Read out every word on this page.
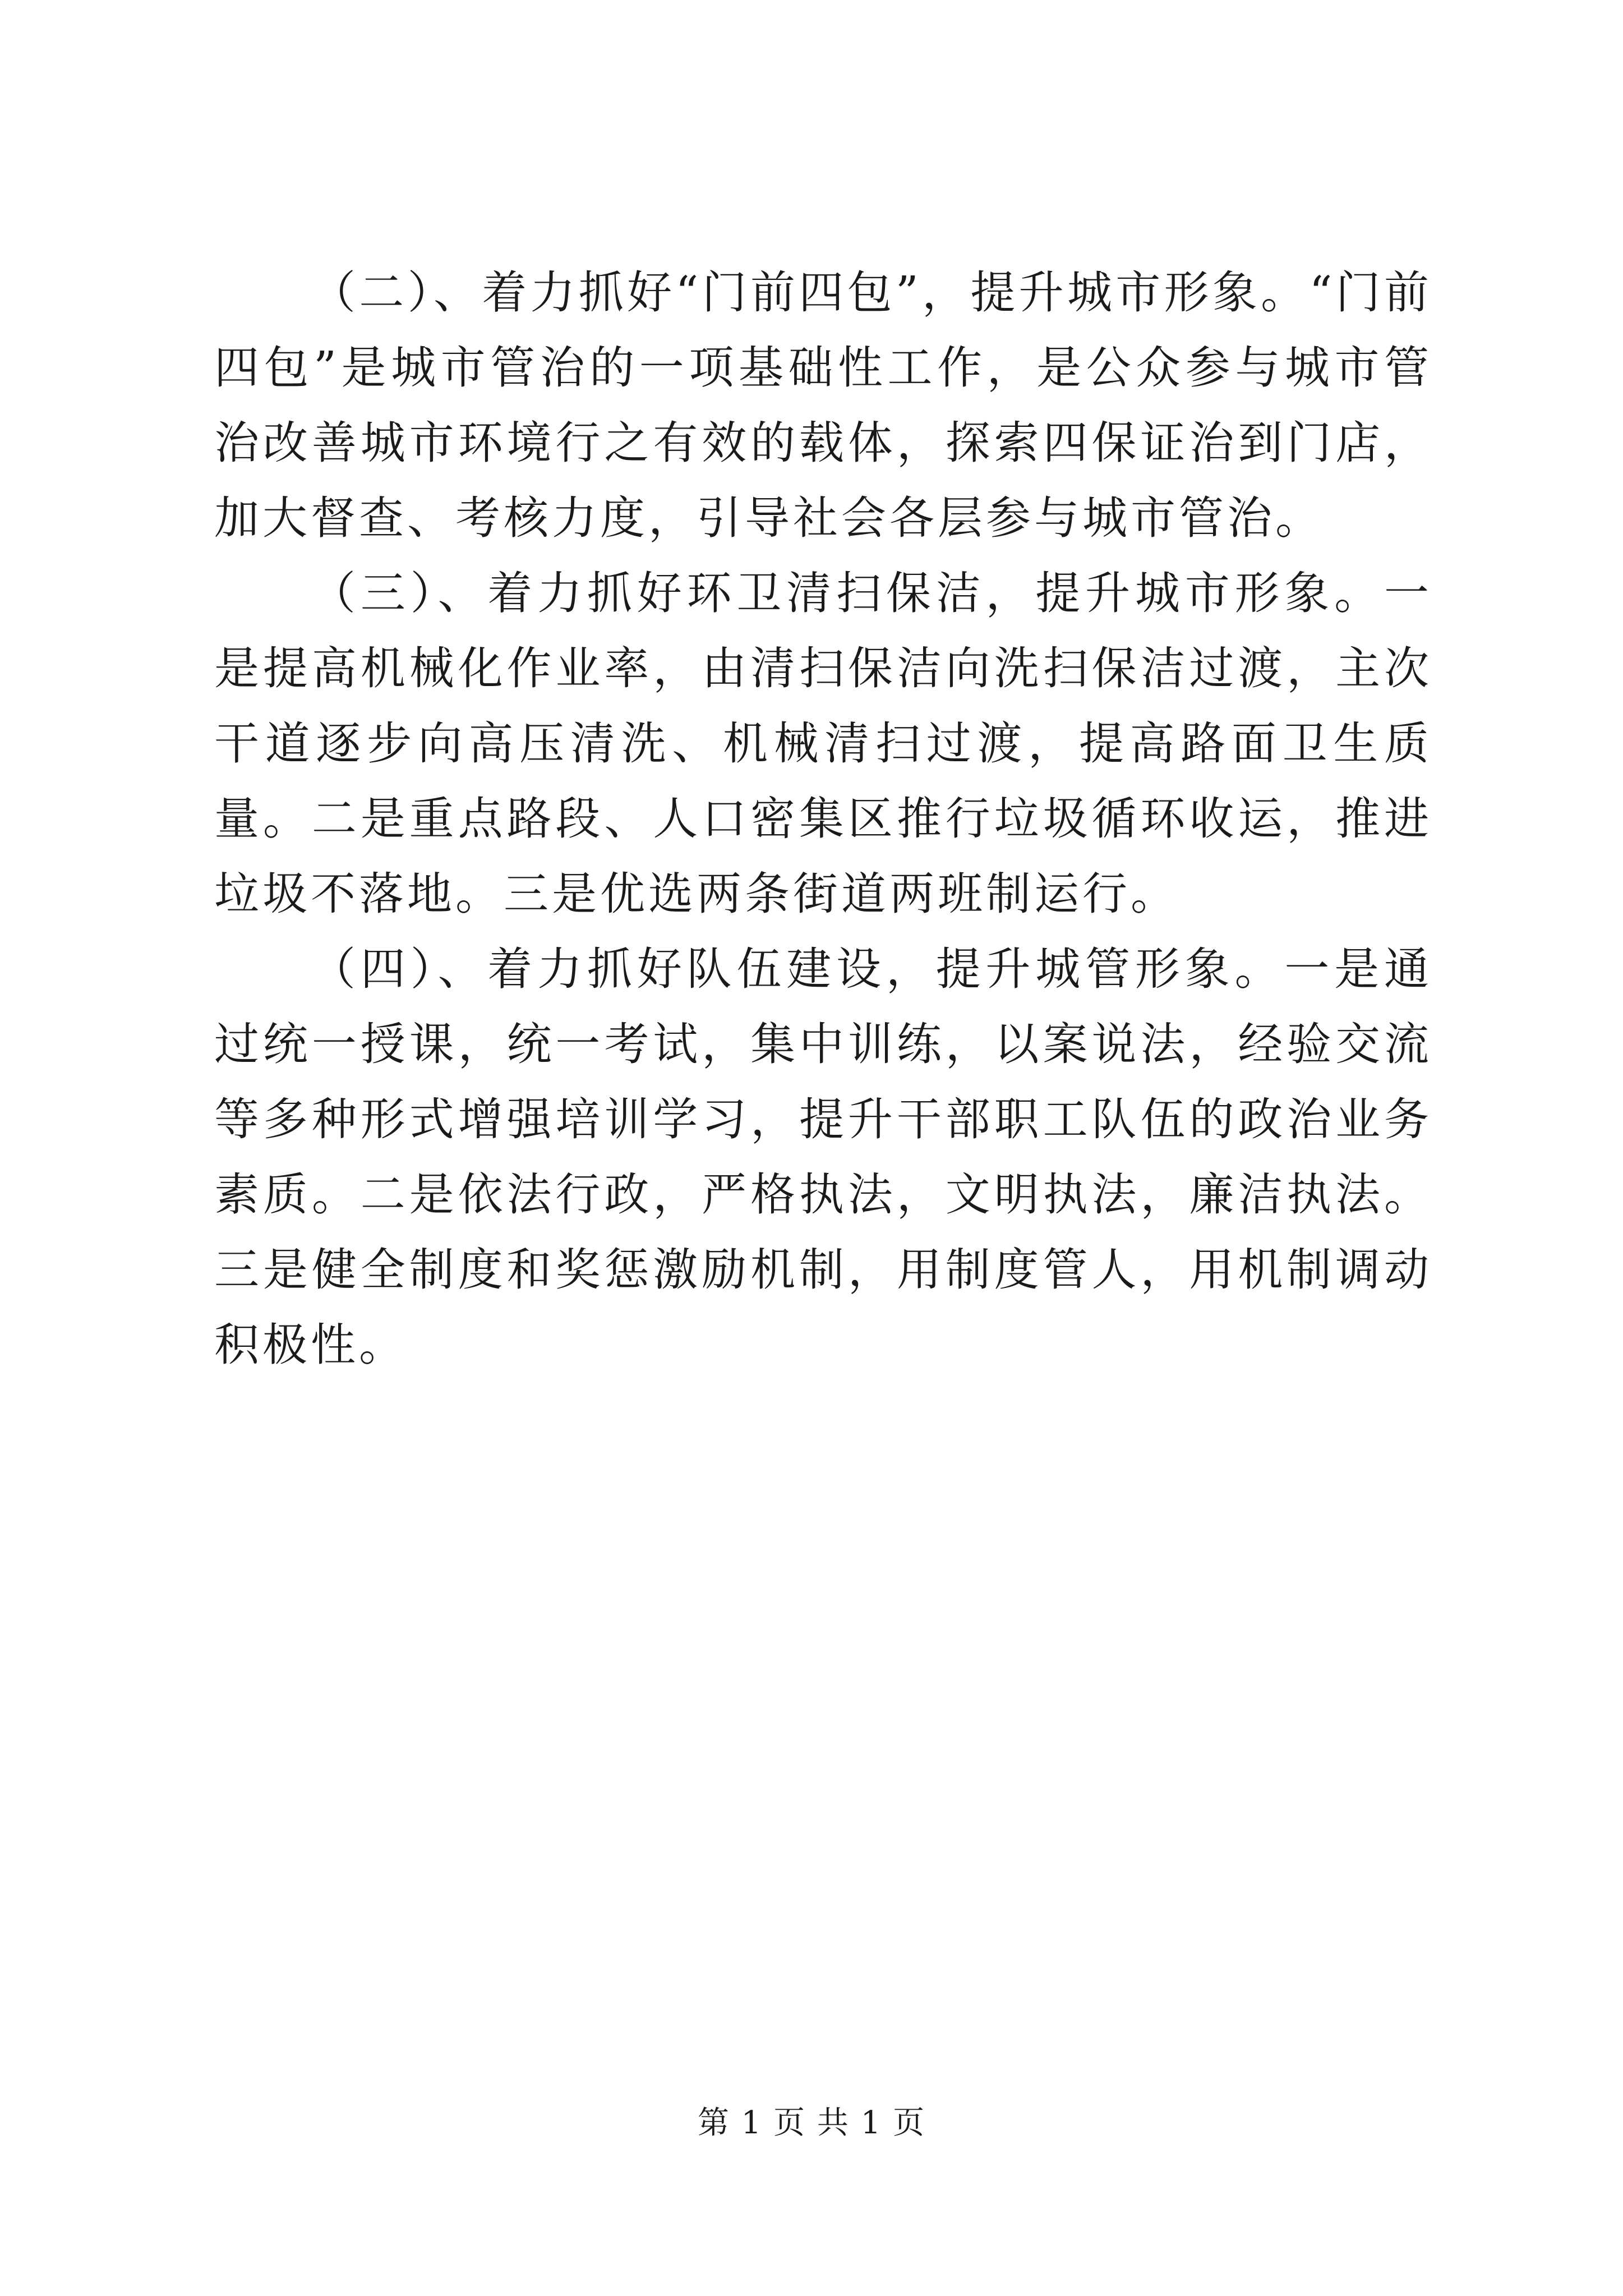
（二）、着力抓好“门前四包”，提升城市形象。“门前四包”是城市管治的一项基础性工作，是公众参与城市管治改善城市环境行之有效的载体，探索四保证治到门店，加大督查、考核力度，引导社会各层参与城市管治。

（三）、着力抓好环卫清扫保洁，提升城市形象。一是提高机械化作业率，由清扫保洁向洗扫保洁过渡，主次干道逐步向高压清洗、机械清扫过渡，提高路面卫生质量。二是重点路段、人口密集区推行垃圾循环收运，推进垃圾不落地。三是优选两条街道两班制运行。

（四）、着力抓好队伍建设，提升城管形象。一是通过统一授课，统一考试，集中训练，以案说法，经验交流等多种形式增强培训学习，提升干部职工队伍的政治业务素质。二是依法行政，严格执法，文明执法，廉洁执法。三是健全制度和奖惩激励机制，用制度管人，用机制调动积极性。

第 1 页 共 1 页
